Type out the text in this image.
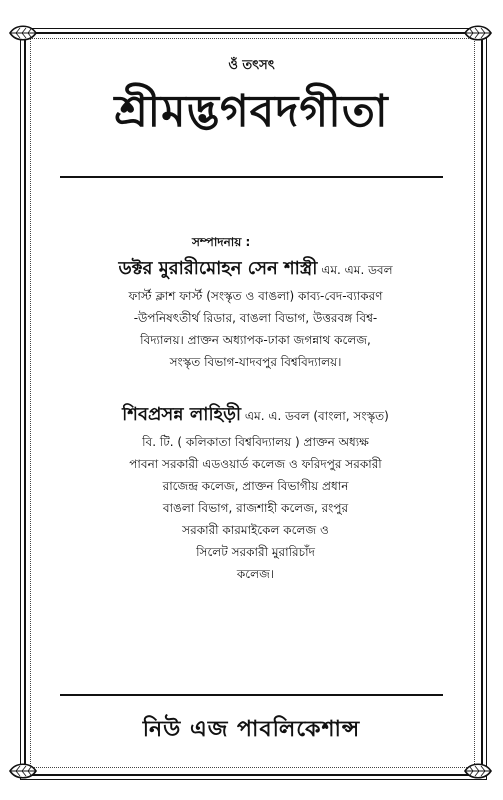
ওঁ তৎসৎ
শ্রীমদ্ভগবদগীতা
সম্পাদনায় :
ডক্টর মুরারীমোহন সেন শাস্ত্রী এম. এম. ডবল
ফার্স্ট ক্লাশ ফার্স্ট (সংস্কৃত ও বাঙলা) কাব্য-বেদ-ব্যাকরণ
-উপনিষৎতীর্থ রিডার, বাঙলা বিভাগ, উত্তরবঙ্গ বিশ্ব-
বিদ্যালয়। প্রাক্তন অধ্যাপক-ঢাকা জগন্নাথ কলেজ,
সংস্কৃত বিভাগ-যাদবপুর বিশ্ববিদ্যালয়।
শিবপ্রসন্ন লাহিড়ী এম. এ. ডবল (বাংলা, সংস্কৃত)
বি. টি. ( কলিকাতা বিশ্ববিদ্যালয় ) প্রাক্তন অধ্যক্ষ
পাবনা সরকারী এডওয়ার্ড কলেজ ও ফরিদপুর সরকারী
রাজেন্দ্র কলেজ, প্রাক্তন বিভাগীয় প্রধান
বাঙলা বিভাগ, রাজশাহী কলেজ, রংপুর
সরকারী কারমাইকেল কলেজ ও
সিলেট সরকারী মুরারিচাঁদ
কলেজ।
নিউ এজ পাবলিকেশান্স
